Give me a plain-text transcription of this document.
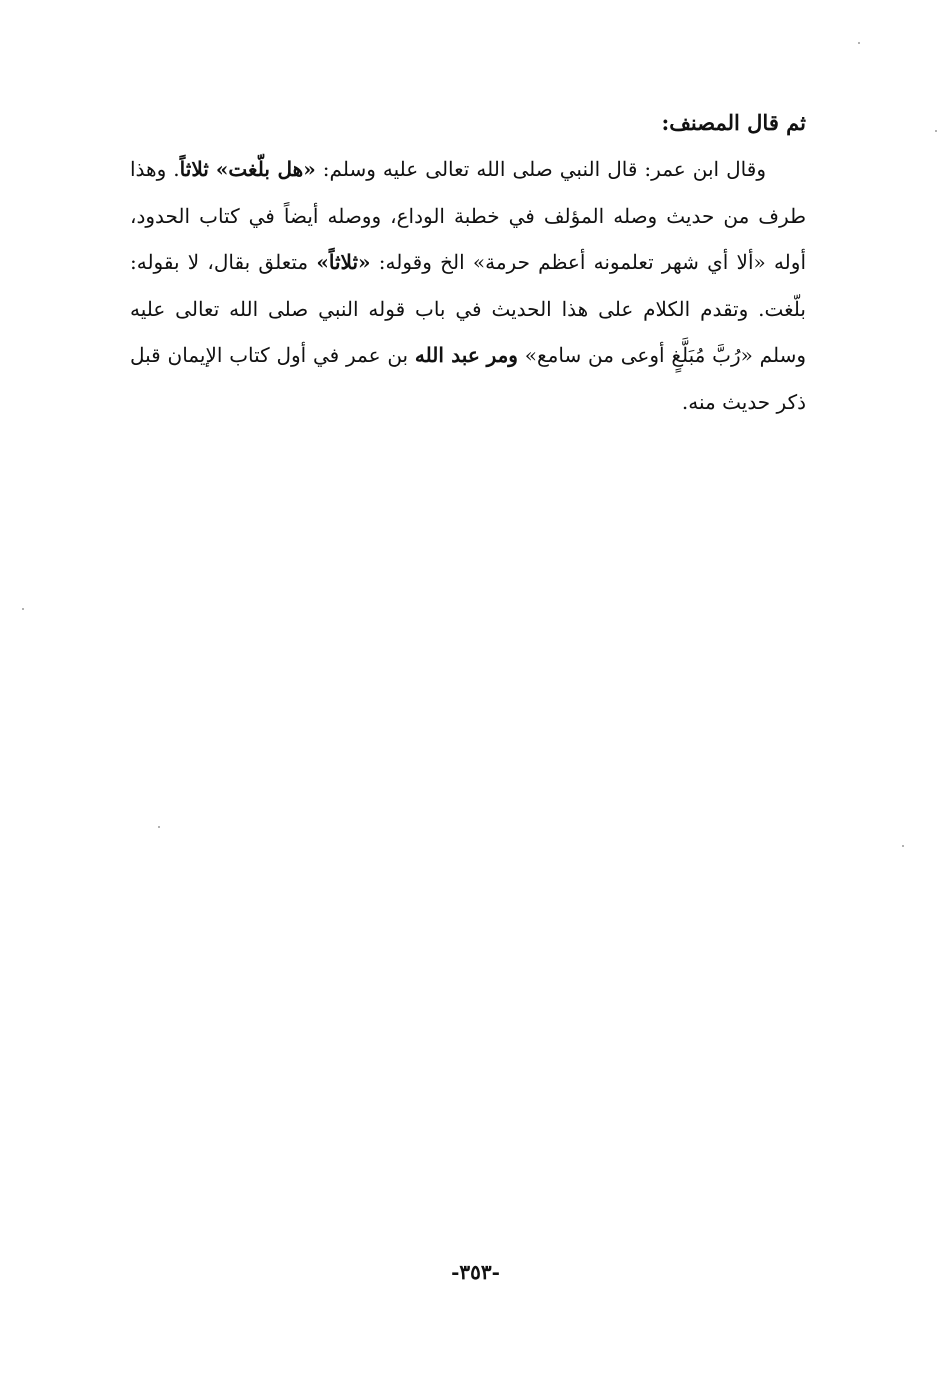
ثم قال المصنف:

وقال ابن عمر: قال النبي صلى الله تعالى عليه وسلم: «هل بلّغت» ثلاثاً. وهذا طرف من حديث وصله المؤلف في خطبة الوداع، ووصله أيضاً في كتاب الحدود، أوله «ألا أي شهر تعلمونه أعظم حرمة» الخ وقوله: «ثلاثاً» متعلق بقال، لا بقوله: بلّغت. وتقدم الكلام على هذا الحديث في باب قوله النبي صلى الله تعالى عليه وسلم «رُبَّ مُبَلَّغٍ أوعى من سامع» ومر عبد الله بن عمر في أول كتاب الإيمان قبل ذكر حديث منه.

-٣٥٣-
